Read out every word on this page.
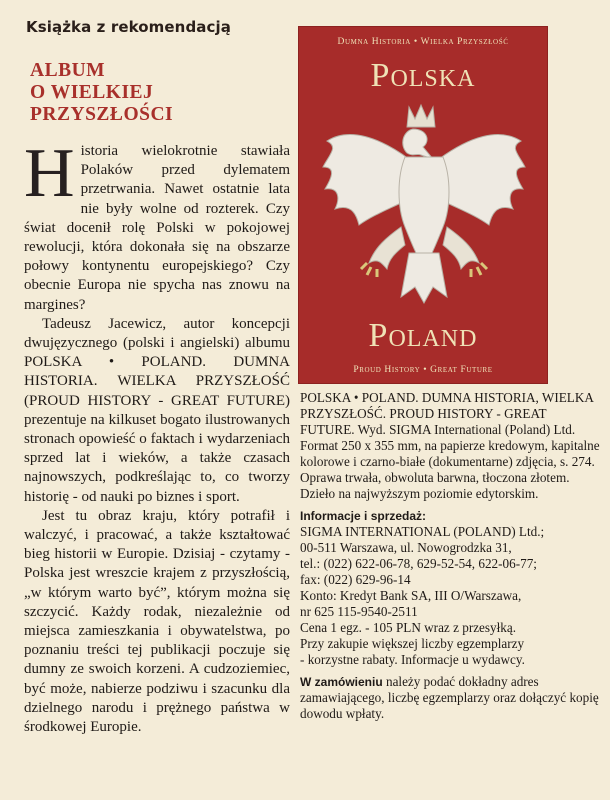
Książka z rekomendacją
ALBUM
O WIELKIEJ
PRZYSZŁOŚCI

Historia wielokrotnie stawiała Polaków przed dylematem przetrwania. Nawet ostatnie lata nie były wolne od rozterek. Czy świat docenił rolę Polski w pokojowej rewolucji, która dokonała się na obszarze połowy kontynentu europejskiego? Czy obecnie Europa nie spycha nas znowu na margines?

Tadeusz Jacewicz, autor koncepcji dwujęzycznego (polski i angielski) albumu POLSKA • POLAND. DUMNA HISTORIA. WIELKA PRZYSZŁOŚĆ (PROUD HISTORY - GREAT FUTURE) prezentuje na kilkuset bogato ilustrowanych stronach opowieść o faktach i wydarzeniach sprzed lat i wieków, a także czasach najnowszych, podkreślając to, co tworzy historię - od nauki po biznes i sport.

Jest tu obraz kraju, który potrafił i walczyć, i pracować, a także kształtować bieg historii w Europie. Dzisiaj - czytamy - Polska jest wreszcie krajem z przyszłością, „w którym warto być”, którym można się szczycić. Każdy rodak, niezależnie od miejsca zamieszkania i obywatelstwa, po poznaniu treści tej publikacji poczuje się dumny ze swoich korzeni. A cudzoziemiec, być może, nabierze podziwu i szacunku dla dzielnego narodu i prężnego państwa w środkowej Europie.

Dumna Historia • Wielka Przyszłość
Polska
Poland
Proud History • Great Future

POLSKA • POLAND. DUMNA HISTORIA, WIELKA PRZYSZŁOŚĆ. PROUD HISTORY - GREAT FUTURE. Wyd. SIGMA International (Poland) Ltd. Format 250 x 355 mm, na papierze kredowym, kapitalne kolorowe i czarno-białe (dokumentarne) zdjęcia, s. 274. Oprawa trwała, obwoluta barwna, tłoczona złotem. Dzieło na najwyższym poziomie edytorskim.

Informacje i sprzedaż:

SIGMA INTERNATIONAL (POLAND) Ltd.;

00-511 Warszawa, ul. Nowogrodzka 31,

tel.: (022) 622-06-78, 629-52-54, 622-06-77;

fax: (022) 629-96-14

Konto: Kredyt Bank SA, III O/Warszawa,

nr 625 115-9540-2511

Cena 1 egz. - 105 PLN wraz z przesyłką.

Przy zakupie większej liczby egzemplarzy

- korzystne rabaty. Informacje u wydawcy.

W zamówieniu należy podać dokładny adres zamawiającego, liczbę egzemplarzy oraz dołączyć kopię dowodu wpłaty.
